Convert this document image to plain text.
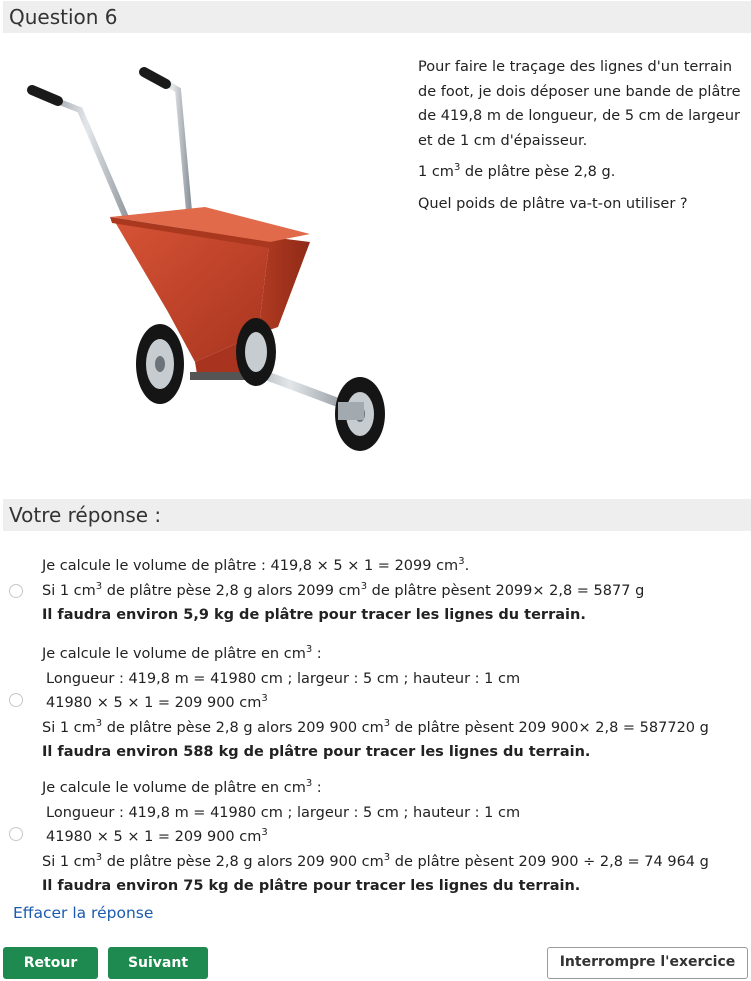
Question 6

Pour faire le traçage des lignes d'un terrain de foot, je dois déposer une bande de plâtre de 419,8 m de longueur, de 5 cm de largeur et de 1 cm d'épaisseur.

1 $cm^3$ de plâtre pèse 2,8 g.

Quel poids de plâtre va-t-on utiliser ?

Votre réponse :
Je calcule le volume de plâtre : 419,8 × 5 × 1 = 2099 $cm^3$.
Si 1 $cm^3$ de plâtre pèse 2,8 g alors 2099 $cm^3$ de plâtre pèsent 2099× 2,8 = 5877 g
Il faudra environ 5,9 kg de plâtre pour tracer les lignes du terrain.
Je calcule le volume de plâtre en $cm^3$ :
Longueur : 419,8 m = 41980 cm ; largeur : 5 cm ; hauteur : 1 cm
41980 × 5 × 1 = 209 900 $cm^3$
Si 1 $cm^3$ de plâtre pèse 2,8 g alors 209 900 $cm^3$ de plâtre pèsent 209 900× 2,8 = 587720 g
Il faudra environ 588 kg de plâtre pour tracer les lignes du terrain.
Je calcule le volume de plâtre en $cm^3$ :
Longueur : 419,8 m = 41980 cm ; largeur : 5 cm ; hauteur : 1 cm
41980 × 5 × 1 = 209 900 $cm^3$
Si 1 $cm^3$ de plâtre pèse 2,8 g alors 209 900 $cm^3$ de plâtre pèsent 209 900 ÷ 2,8 = 74 964 g
Il faudra environ 75 kg de plâtre pour tracer les lignes du terrain.
Effacer la réponse
Retour	Suivant	Interrompre l'exercice
